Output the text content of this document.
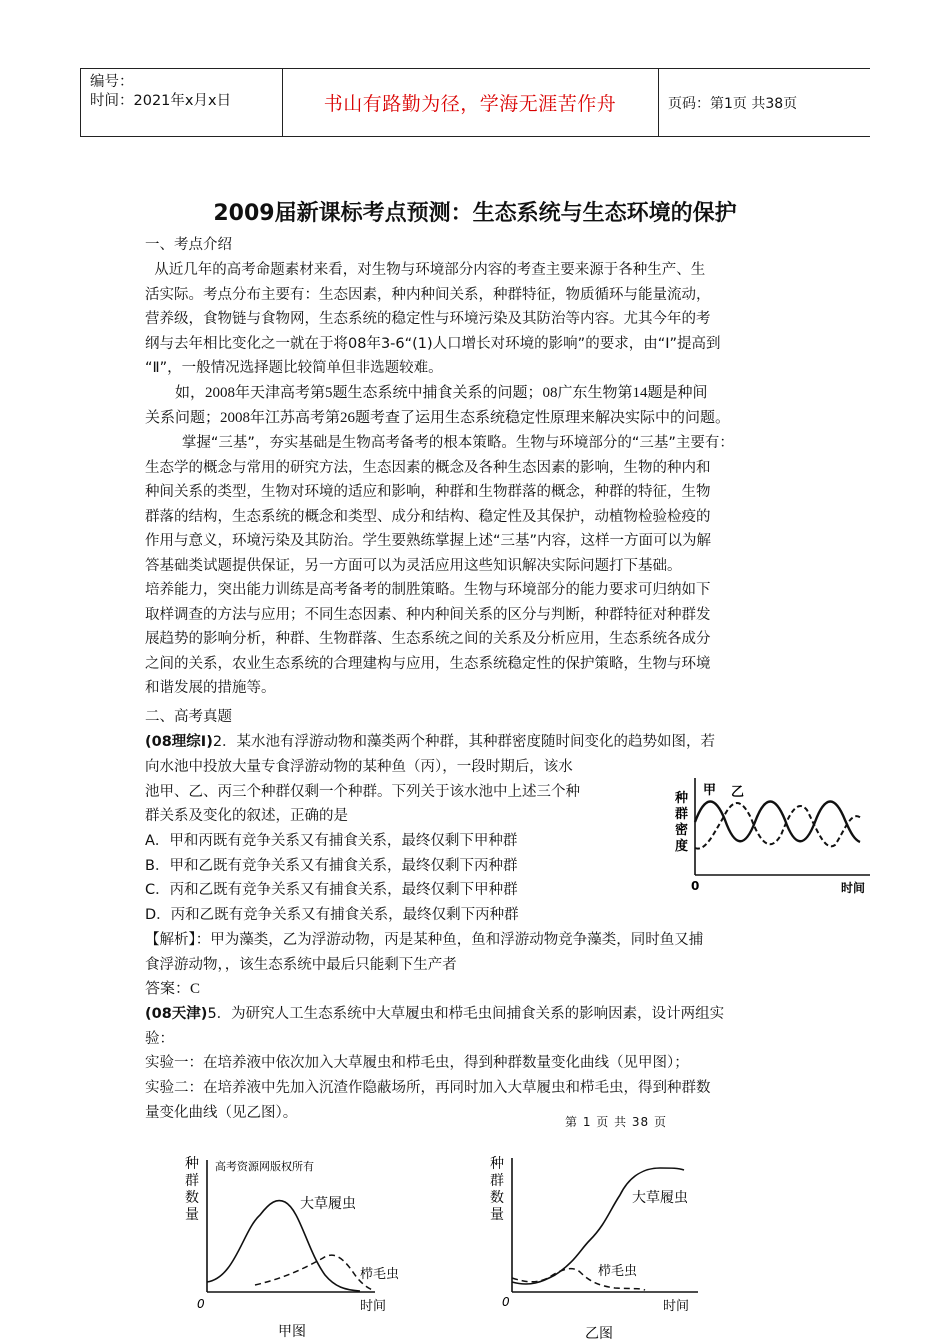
编号：
时间：2021年x月x日	书山有路勤为径，学海无涯苦作舟	页码：第1页 共38页
2009届新课标考点预测：生态系统与生态环境的保护

一、考点介绍

从近几年的高考命题素材来看，对生物与环境部分内容的考查主要来源于各种生产、生
活实际。考点分布主要有：生态因素，种内种间关系，种群特征，物质循环与能量流动，
营养级，食物链与食物网，生态系统的稳定性与环境污染及其防治等内容。尤其今年的考
纲与去年相比变化之一就在于将08年3-6“(1)人口增长对环境的影响”的要求，由“Ⅰ”提高到
“Ⅱ”，一般情况选择题比较简单但非选题较难。

如，2008年天津高考第5题生态系统中捕食关系的问题；08广东生物第14题是种间
关系问题；2008年江苏高考第26题考查了运用生态系统稳定性原理来解决实际中的问题。

掌握“三基”，夯实基础是生物高考备考的根本策略。生物与环境部分的“三基”主要有：
生态学的概念与常用的研究方法，生态因素的概念及各种生态因素的影响，生物的种内和
种间关系的类型，生物对环境的适应和影响，种群和生物群落的概念，种群的特征，生物
群落的结构，生态系统的概念和类型、成分和结构、稳定性及其保护，动植物检验检疫的
作用与意义，环境污染及其防治。学生要熟练掌握上述“三基”内容，这样一方面可以为解
答基础类试题提供保证，另一方面可以为灵活应用这些知识解决实际问题打下基础。

培养能力，突出能力训练是高考备考的制胜策略。生物与环境部分的能力要求可归纳如下
取样调查的方法与应用；不同生态因素、种内种间关系的区分与判断，种群特征对种群发
展趋势的影响分析，种群、生物群落、生态系统之间的关系及分析应用，生态系统各成分
之间的关系，农业生态系统的合理建构与应用，生态系统稳定性的保护策略，生物与环境
和谐发展的措施等。

二、高考真题

(08理综Ⅰ)2．某水池有浮游动物和藻类两个种群，其种群密度随时间变化的趋势如图，若

向水池中投放大量专食浮游动物的某种鱼（丙），一段时期后，该水
池甲、乙、丙三个种群仅剩一个种群。下列关于该水池中上述三个种
群关系及变化的叙述，正确的是

A．甲和丙既有竞争关系又有捕食关系，最终仅剩下甲种群

B．甲和乙既有竞争关系又有捕食关系，最终仅剩下丙种群

C．丙和乙既有竞争关系又有捕食关系，最终仅剩下甲种群

D．丙和乙既有竞争关系又有捕食关系，最终仅剩下丙种群

【解析】：甲为藻类，乙为浮游动物，丙是某种鱼，鱼和浮游动物竞争藻类，同时鱼又捕
食浮游动物，，该生态系统中最后只能剩下生产者

答案：C

(08天津)5．为研究人工生态系统中大草履虫和栉毛虫间捕食关系的影响因素，设计两组实
验：

实验一：在培养液中依次加入大草履虫和栉毛虫，得到种群数量变化曲线（见甲图）；

实验二：在培养液中先加入沉渣作隐蔽场所，再同时加入大草履虫和栉毛虫，得到种群数
量变化曲线（见乙图）。

第 1 页 共 38 页
种
群
密
度
甲 乙
0	时间
种
群
数
量
高考资源网版权所有
大草履虫
栉毛虫
0	时间
甲图
种
群
数
量
大草履虫
栉毛虫
0	时间
乙图
